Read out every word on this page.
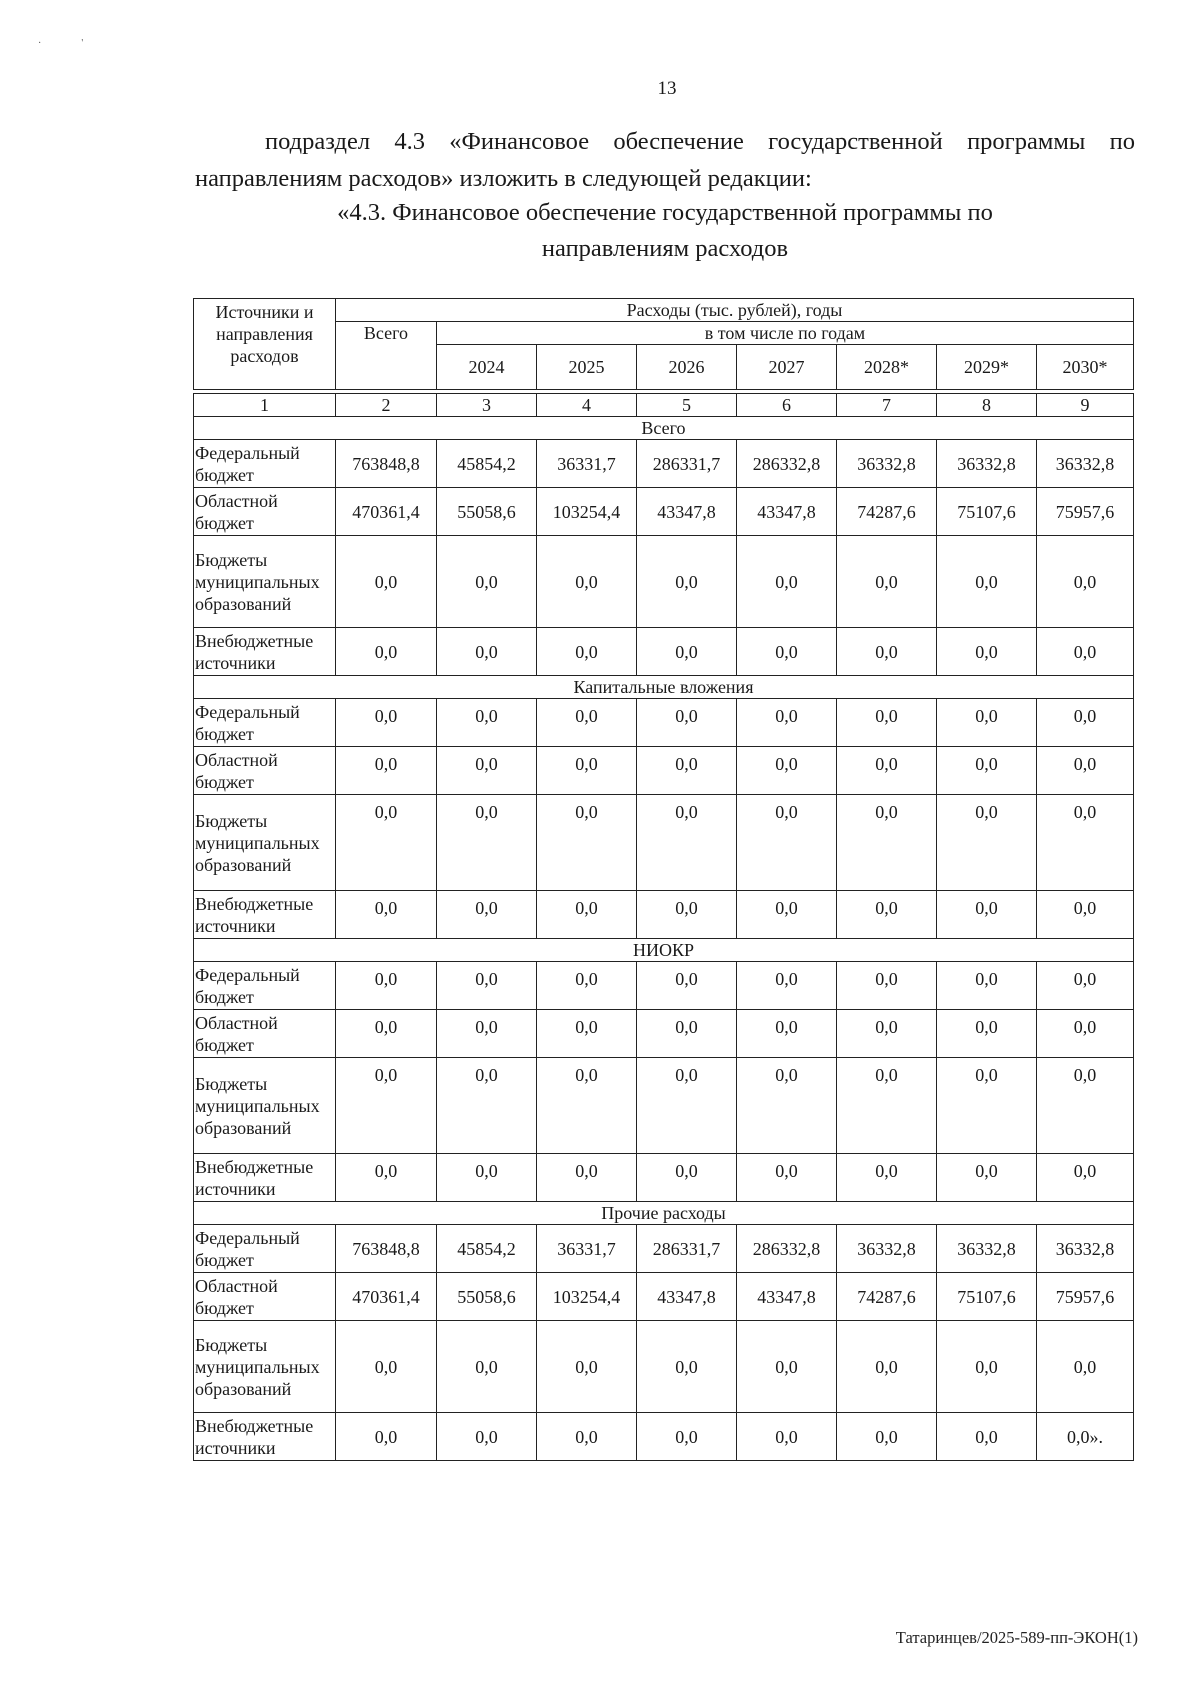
·                '
13
подраздел 4.3 «Финансовое обеспечение государственной программы по направлениям расходов» изложить в следующей редакции:
«4.3. Финансовое обеспечение государственной программы по
направлениям расходов
Источники и направления расходов	Расходы (тыс. рублей), годы							
	Всего	в том числе по годам						
		2024	2025	2026	2027	2028*	2029*	2030*

1	2	3	4	5	6	7	8	9
Всего								
Федеральный бюджет	763848,8	45854,2	36331,7	286331,7	286332,8	36332,8	36332,8	36332,8
Областной бюджет	470361,4	55058,6	103254,4	43347,8	43347,8	74287,6	75107,6	75957,6
Бюджеты муниципальных образований	0,0	0,0	0,0	0,0	0,0	0,0	0,0	0,0
Внебюджетные источники	0,0	0,0	0,0	0,0	0,0	0,0	0,0	0,0
Капитальные вложения								
Федеральный бюджет	0,0	0,0	0,0	0,0	0,0	0,0	0,0	0,0
Областной бюджет	0,0	0,0	0,0	0,0	0,0	0,0	0,0	0,0
Бюджеты муниципальных образований	0,0	0,0	0,0	0,0	0,0	0,0	0,0	0,0
Внебюджетные источники	0,0	0,0	0,0	0,0	0,0	0,0	0,0	0,0
НИОКР								
Федеральный бюджет	0,0	0,0	0,0	0,0	0,0	0,0	0,0	0,0
Областной бюджет	0,0	0,0	0,0	0,0	0,0	0,0	0,0	0,0
Бюджеты муниципальных образований	0,0	0,0	0,0	0,0	0,0	0,0	0,0	0,0
Внебюджетные источники	0,0	0,0	0,0	0,0	0,0	0,0	0,0	0,0
Прочие расходы								
Федеральный бюджет	763848,8	45854,2	36331,7	286331,7	286332,8	36332,8	36332,8	36332,8
Областной бюджет	470361,4	55058,6	103254,4	43347,8	43347,8	74287,6	75107,6	75957,6
Бюджеты муниципальных образований	0,0	0,0	0,0	0,0	0,0	0,0	0,0	0,0
Внебюджетные источники	0,0	0,0	0,0	0,0	0,0	0,0	0,0	0,0».
Татаринцев/2025-589-пп-ЭКОН(1)
